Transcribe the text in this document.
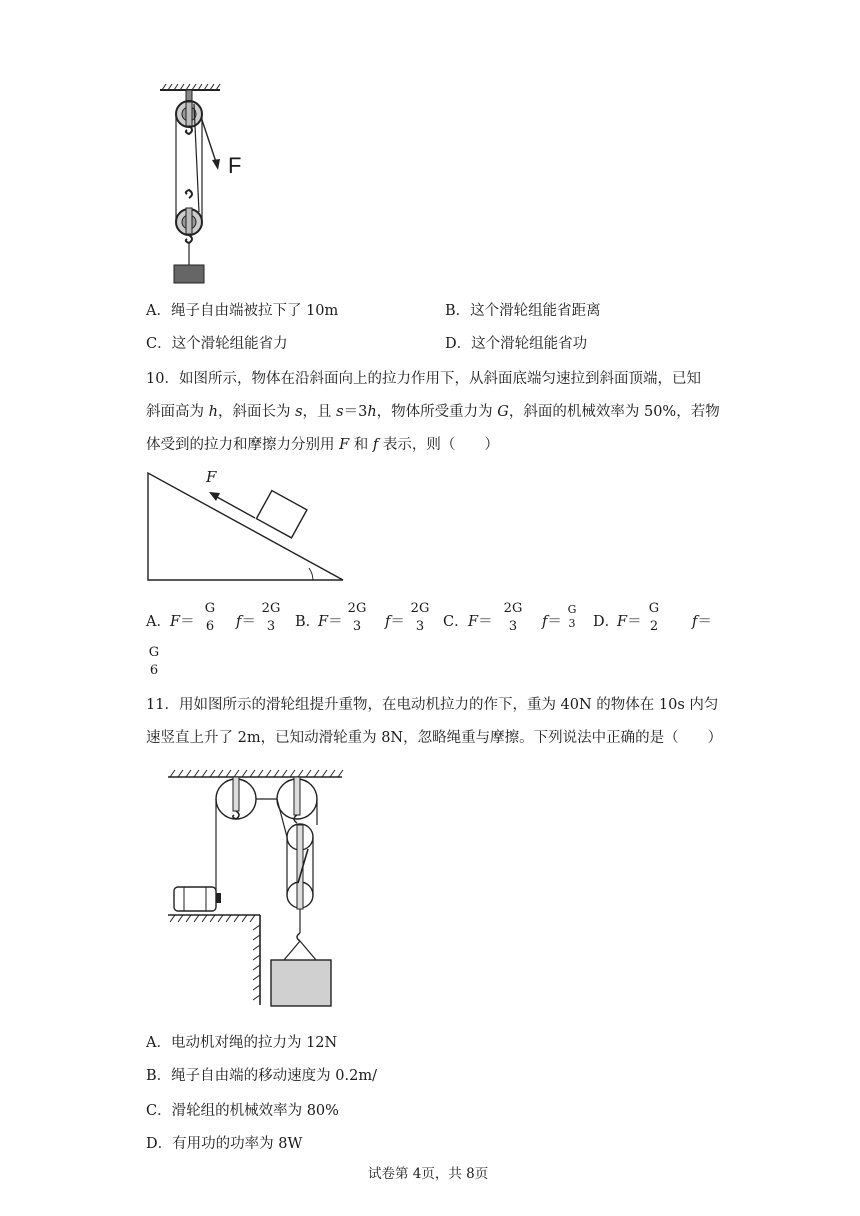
F
A．绳子自由端被拉下了 10m	B．这个滑轮组能省距离
C．这个滑轮组能省力	D．这个滑轮组能省功
10．如图所示，物体在沿斜面向上的拉力作用下，从斜面底端匀速拉到斜面顶端，已知
斜面高为 h，斜面长为 s，且 s＝3h，物体所受重力为 G，斜面的机械效率为 50%，若物
体受到的拉力和摩擦力分别用 F 和 f 表示，则（　　）
F
A． F＝
G
6	f＝
2G
3	B．
F＝
2G
3	f＝
2G
3	C． F＝
2G
3	f＝
G
3	D．
F＝
G
2	f＝
G
6
11．用如图所示的滑轮组提升重物，在电动机拉力的作下，重为 40N 的物体在 10s 内匀
速竖直上升了 2m，已知动滑轮重为 8N，忽略绳重与摩擦。下列说法中正确的是（　　）
A．电动机对绳的拉力为 12N
B．绳子自由端的移动速度为 0.2m/
C．滑轮组的机械效率为 80%
D．有用功的功率为 8W
试卷第 4页，共 8页
